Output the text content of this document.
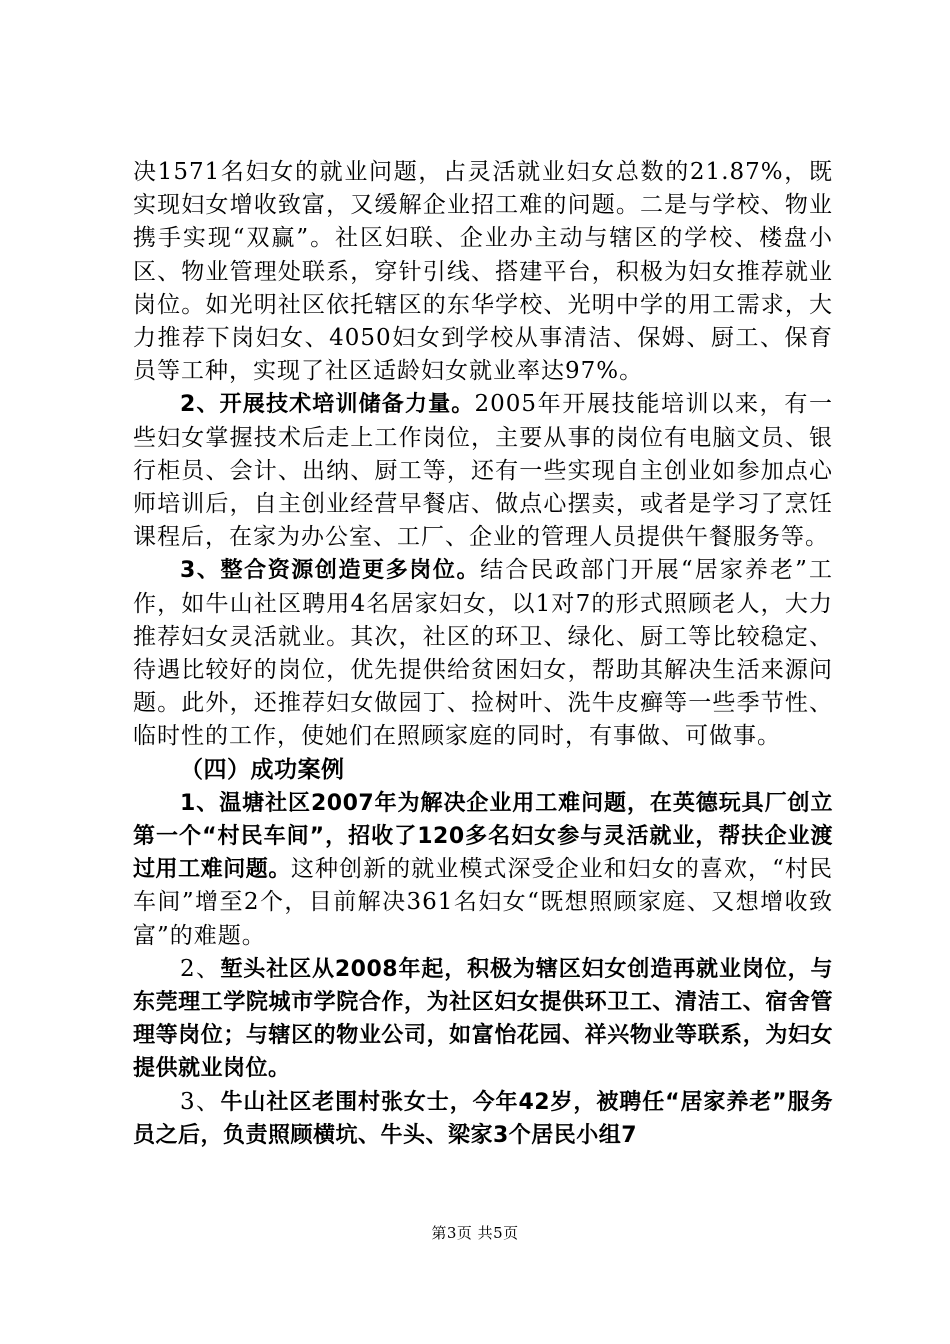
决1571名妇女的就业问题，占灵活就业妇女总数的21.87%，既实现妇女增收致富，又缓解企业招工难的问题。二是与学校、物业携手实现“双赢”。社区妇联、企业办主动与辖区的学校、楼盘小区、物业管理处联系，穿针引线、搭建平台，积极为妇女推荐就业岗位。如光明社区依托辖区的东华学校、光明中学的用工需求，大力推荐下岗妇女、4050妇女到学校从事清洁、保姆、厨工、保育员等工种，实现了社区适龄妇女就业率达97%。

2、开展技术培训储备力量。2005年开展技能培训以来，有一些妇女掌握技术后走上工作岗位，主要从事的岗位有电脑文员、银行柜员、会计、出纳、厨工等，还有一些实现自主创业如参加点心师培训后，自主创业经营早餐店、做点心摆卖，或者是学习了烹饪课程后，在家为办公室、工厂、企业的管理人员提供午餐服务等。

3、整合资源创造更多岗位。结合民政部门开展“居家养老”工作，如牛山社区聘用4名居家妇女，以1对7的形式照顾老人，大力推荐妇女灵活就业。其次，社区的环卫、绿化、厨工等比较稳定、待遇比较好的岗位，优先提供给贫困妇女，帮助其解决生活来源问题。此外，还推荐妇女做园丁、捡树叶、洗牛皮癣等一些季节性、临时性的工作，使她们在照顾家庭的同时，有事做、可做事。

（四）成功案例

1、温塘社区2007年为解决企业用工难问题，在英德玩具厂创立第一个“村民车间”，招收了120多名妇女参与灵活就业，帮扶企业渡过用工难问题。这种创新的就业模式深受企业和妇女的喜欢，“村民车间”增至2个，目前解决361名妇女“既想照顾家庭、又想增收致富”的难题。

2、堑头社区从2008年起，积极为辖区妇女创造再就业岗位，与东莞理工学院城市学院合作，为社区妇女提供环卫工、清洁工、宿舍管理等岗位；与辖区的物业公司，如富怡花园、祥兴物业等联系，为妇女提供就业岗位。

3、牛山社区老围村张女士，今年42岁，被聘任“居家养老”服务员之后，负责照顾横坑、牛头、梁家3个居民小组7

第3页 共5页
